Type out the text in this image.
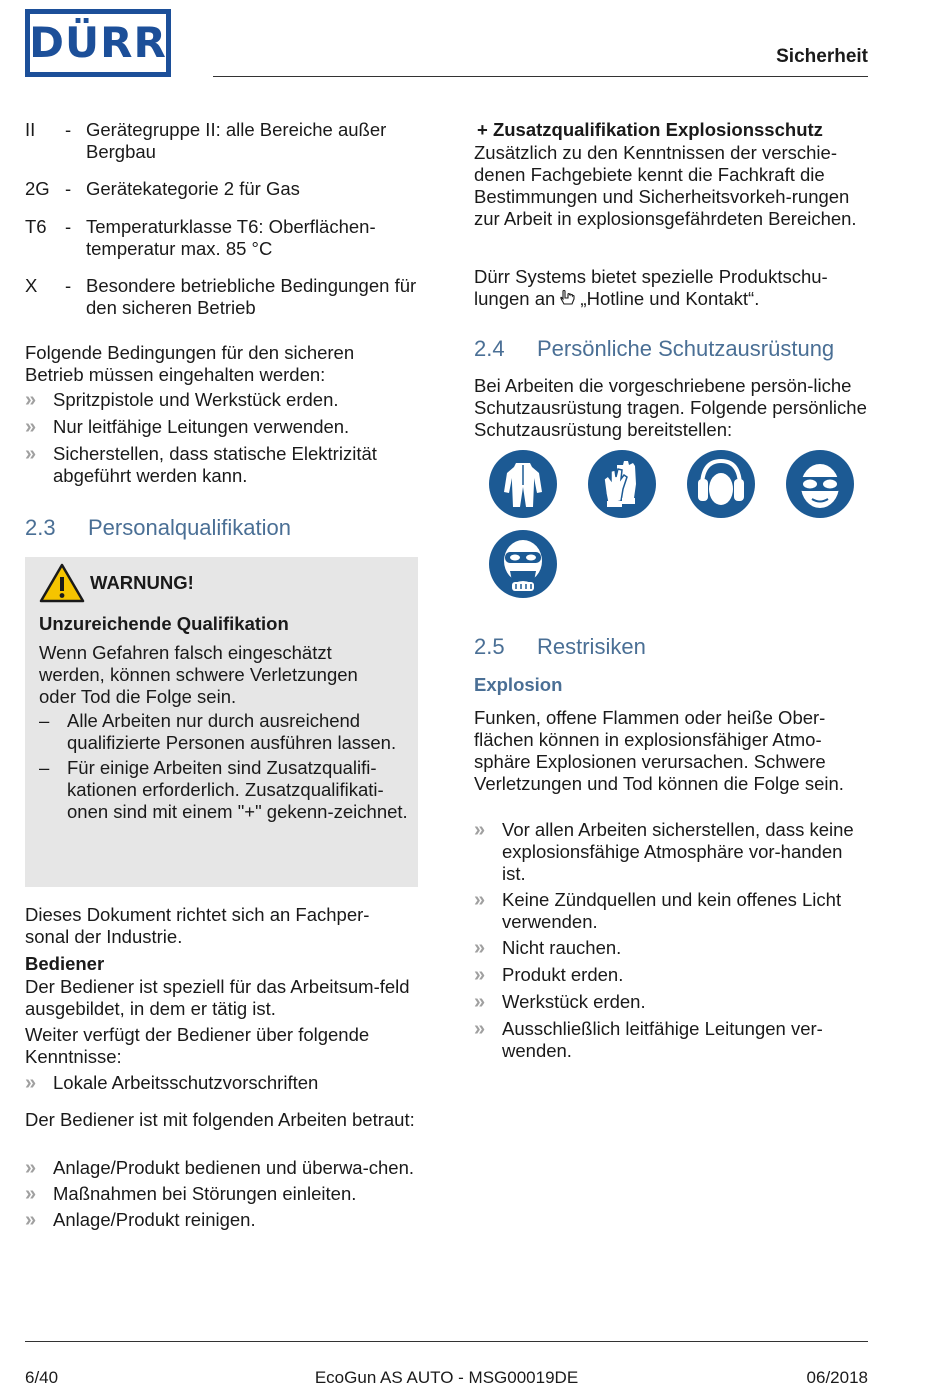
DÜRR	Sicherheit
II	- Gerätegruppe II: alle Bereiche außer Bergbau
2G - Gerätekategorie 2 für Gas
T6 - Temperaturklasse T6: Oberflächen-temperatur max. 85 °C
X	- Besondere betriebliche Bedingungen für den sicheren Betrieb
Folgende Bedingungen für den sicheren Betrieb müssen eingehalten werden:
» Spritzpistole und Werkstück erden.
» Nur leitfähige Leitungen verwenden.
» Sicherstellen, dass statische Elektrizität abgeführt werden kann.
2.3 Personalqualifikation
WARNUNG!
Unzureichende Qualifikation
Wenn Gefahren falsch eingeschätzt werden, können schwere Verletzungen oder Tod die Folge sein.
– Alle Arbeiten nur durch ausreichend qualifizierte Personen ausführen lassen.
– Für einige Arbeiten sind Zusatzqualifi-kationen erforderlich. Zusatzqualifikati-onen sind mit einem "+" gekenn-zeichnet.
Dieses Dokument richtet sich an Fachper-sonal der Industrie.
Bediener
Der Bediener ist speziell für das Arbeitsum-feld ausgebildet, in dem er tätig ist.
Weiter verfügt der Bediener über folgende Kenntnisse:
» Lokale Arbeitsschutzvorschriften
Der Bediener ist mit folgenden Arbeiten betraut:
» Anlage/Produkt bedienen und überwa-chen.
» Maßnahmen bei Störungen einleiten.
» Anlage/Produkt reinigen.
+ Zusatzqualifikation Explosionsschutz
Zusätzlich zu den Kenntnissen der verschie-denen Fachgebiete kennt die Fachkraft die Bestimmungen und Sicherheitsvorkeh-rungen zur Arbeit in explosionsgefährdeten Bereichen.
Dürr Systems bietet spezielle Produktschu-lungen an „Hotline und Kontakt“.
2.4 Persönliche Schutzausrüstung
Bei Arbeiten die vorgeschriebene persön-liche Schutzausrüstung tragen. Folgende persönliche Schutzausrüstung bereitstellen:
2.5 Restrisiken
Explosion
Funken, offene Flammen oder heiße Ober-flächen können in explosionsfähiger Atmo-sphäre Explosionen verursachen. Schwere Verletzungen und Tod können die Folge sein.
» Vor allen Arbeiten sicherstellen, dass keine explosionsfähige Atmosphäre vor-handen ist.
» Keine Zündquellen und kein offenes Licht verwenden.
» Nicht rauchen.
» Produkt erden.
» Werkstück erden.
» Ausschließlich leitfähige Leitungen ver-wenden.
6/40	EcoGun AS AUTO - MSG00019DE	06/2018
